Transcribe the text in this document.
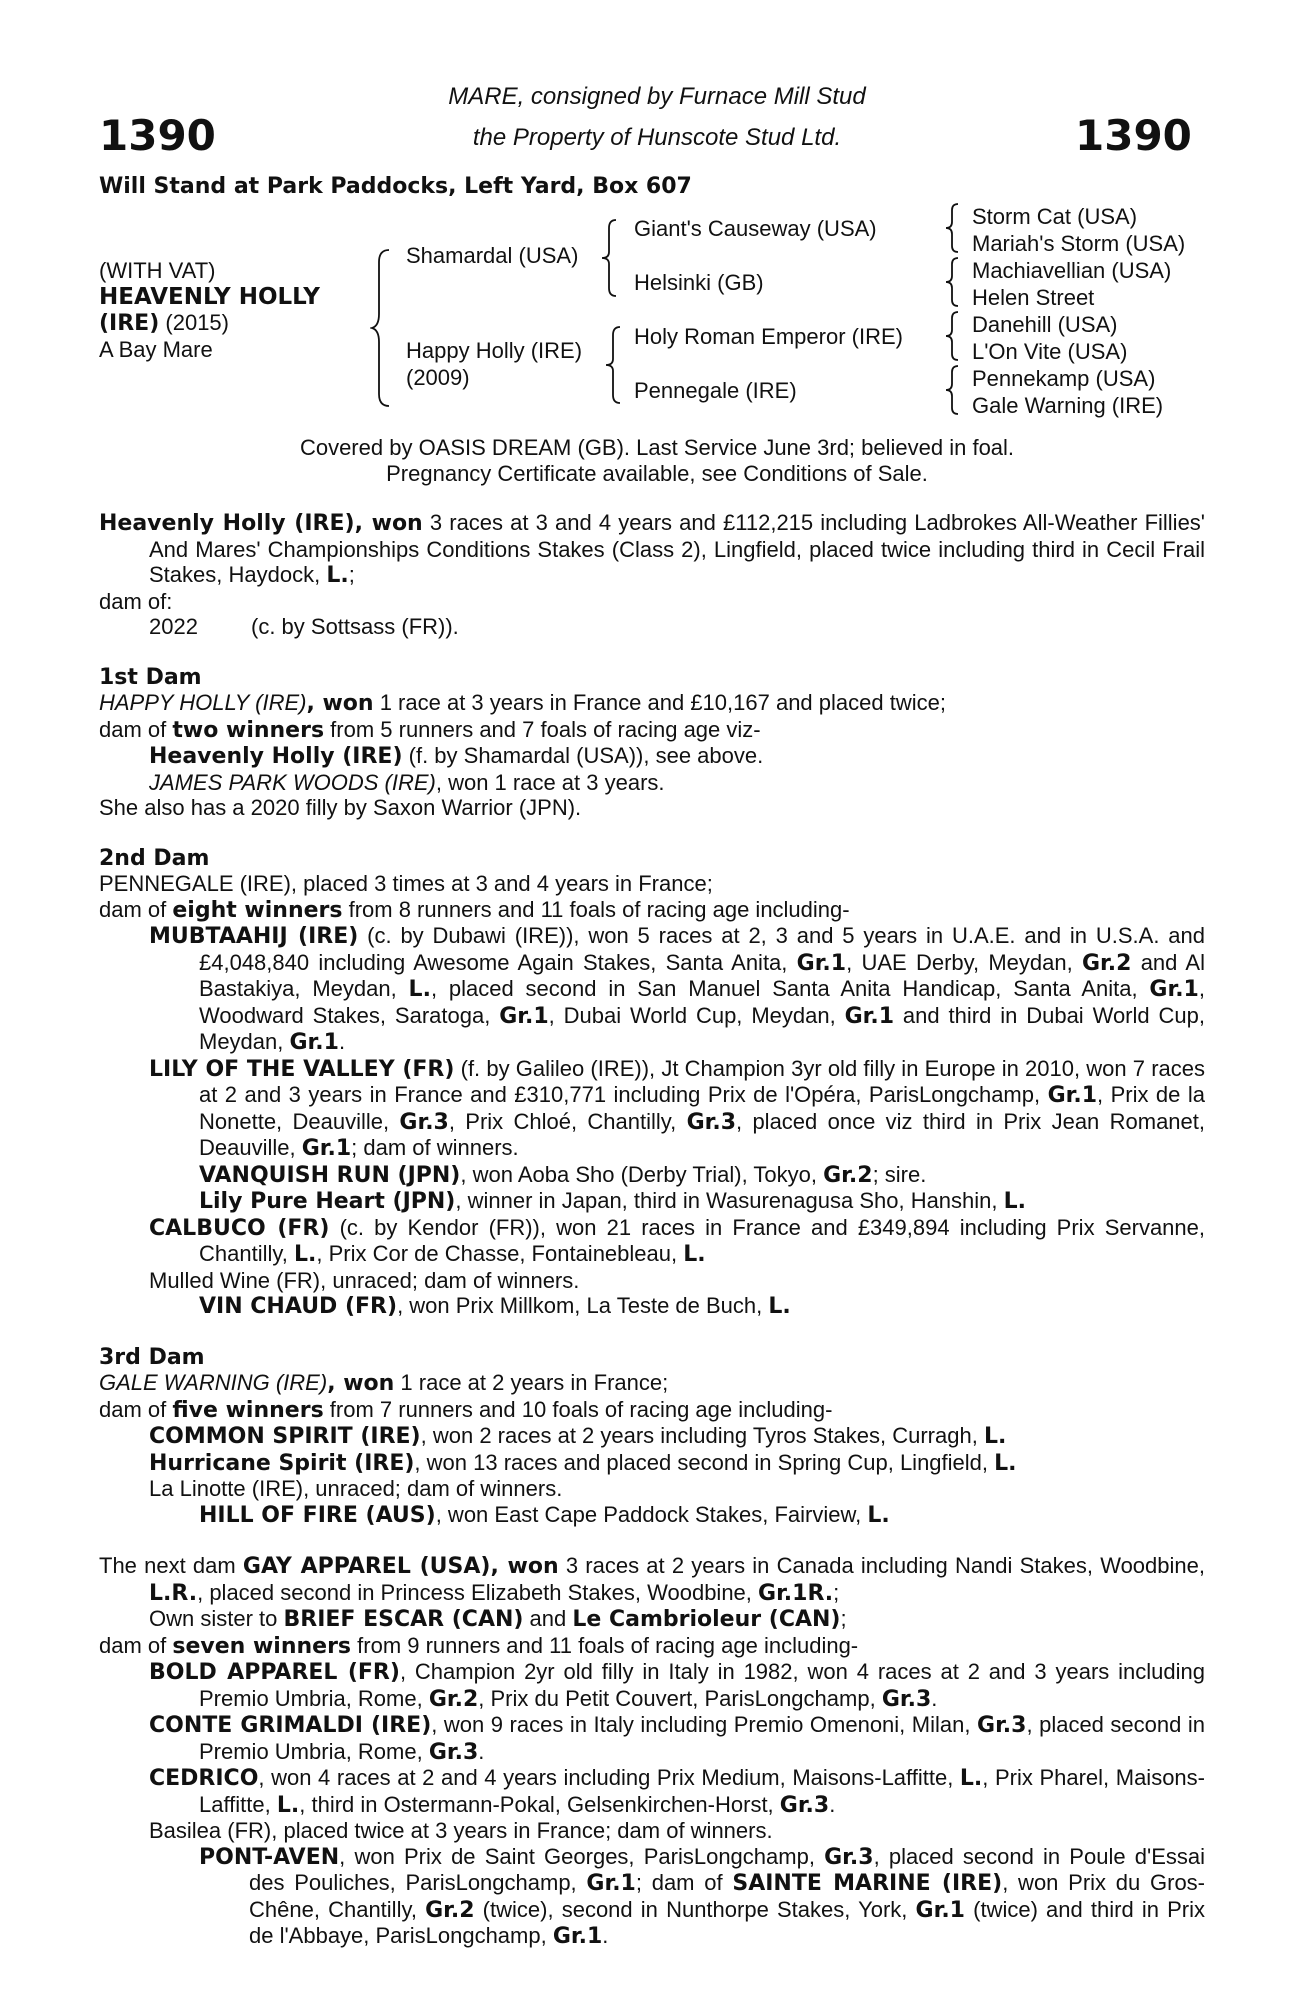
1390	1390
MARE, consigned by Furnace Mill Stud
the Property of Hunscote Stud Ltd.
Will Stand at Park Paddocks, Left Yard, Box 607
(WITH VAT)
HEAVENLY HOLLY
(IRE) (2015)
A Bay Mare
Shamardal (USA)
Happy Holly (IRE)
(2009)
Giant's Causeway (USA)
Helsinki (GB)
Holy Roman Emperor (IRE)
Pennegale (IRE)
Storm Cat (USA)
Mariah's Storm (USA)
Machiavellian (USA)
Helen Street
Danehill (USA)
L'On Vite (USA)
Pennekamp (USA)
Gale Warning (IRE)
Covered by OASIS DREAM (GB). Last Service June 3rd; believed in foal.
Pregnancy Certificate available, see Conditions of Sale.
Heavenly Holly (IRE), won 3 races at 3 and 4 years and £112,215 including Ladbrokes All-Weather Fillies' And Mares' Championships Conditions Stakes (Class 2), Lingfield, placed twice including third in Cecil Frail Stakes, Haydock, L.;
dam of:
2022 (c. by Sottsass (FR)).
1st Dam
HAPPY HOLLY (IRE), won 1 race at 3 years in France and £10,167 and placed twice;
dam of two winners from 5 runners and 7 foals of racing age viz-
Heavenly Holly (IRE) (f. by Shamardal (USA)), see above.
JAMES PARK WOODS (IRE), won 1 race at 3 years.
She also has a 2020 filly by Saxon Warrior (JPN).
2nd Dam
PENNEGALE (IRE), placed 3 times at 3 and 4 years in France;
dam of eight winners from 8 runners and 11 foals of racing age including-
MUBTAAHIJ (IRE) (c. by Dubawi (IRE)), won 5 races at 2, 3 and 5 years in U.A.E. and in U.S.A. and £4,048,840 including Awesome Again Stakes, Santa Anita, Gr.1, UAE Derby, Meydan, Gr.2 and Al Bastakiya, Meydan, L., placed second in San Manuel Santa Anita Handicap, Santa Anita, Gr.1, Woodward Stakes, Saratoga, Gr.1, Dubai World Cup, Meydan, Gr.1 and third in Dubai World Cup, Meydan, Gr.1.
LILY OF THE VALLEY (FR) (f. by Galileo (IRE)), Jt Champion 3yr old filly in Europe in 2010, won 7 races at 2 and 3 years in France and £310,771 including Prix de l'Opéra, ParisLongchamp, Gr.1, Prix de la Nonette, Deauville, Gr.3, Prix Chloé, Chantilly, Gr.3, placed once viz third in Prix Jean Romanet, Deauville, Gr.1; dam of winners.
VANQUISH RUN (JPN), won Aoba Sho (Derby Trial), Tokyo, Gr.2; sire.
Lily Pure Heart (JPN), winner in Japan, third in Wasurenagusa Sho, Hanshin, L.
CALBUCO (FR) (c. by Kendor (FR)), won 21 races in France and £349,894 including Prix Servanne, Chantilly, L., Prix Cor de Chasse, Fontainebleau, L.
Mulled Wine (FR), unraced; dam of winners.
VIN CHAUD (FR), won Prix Millkom, La Teste de Buch, L.
3rd Dam
GALE WARNING (IRE), won 1 race at 2 years in France;
dam of five winners from 7 runners and 10 foals of racing age including-
COMMON SPIRIT (IRE), won 2 races at 2 years including Tyros Stakes, Curragh, L.
Hurricane Spirit (IRE), won 13 races and placed second in Spring Cup, Lingfield, L.
La Linotte (IRE), unraced; dam of winners.
HILL OF FIRE (AUS), won East Cape Paddock Stakes, Fairview, L.
The next dam GAY APPAREL (USA), won 3 races at 2 years in Canada including Nandi Stakes, Woodbine, L.R., placed second in Princess Elizabeth Stakes, Woodbine, Gr.1R.;
Own sister to BRIEF ESCAR (CAN) and Le Cambrioleur (CAN);
dam of seven winners from 9 runners and 11 foals of racing age including-
BOLD APPAREL (FR), Champion 2yr old filly in Italy in 1982, won 4 races at 2 and 3 years including Premio Umbria, Rome, Gr.2, Prix du Petit Couvert, ParisLongchamp, Gr.3.
CONTE GRIMALDI (IRE), won 9 races in Italy including Premio Omenoni, Milan, Gr.3, placed second in Premio Umbria, Rome, Gr.3.
CEDRICO, won 4 races at 2 and 4 years including Prix Medium, Maisons-Laffitte, L., Prix Pharel, Maisons-Laffitte, L., third in Ostermann-Pokal, Gelsenkirchen-Horst, Gr.3.
Basilea (FR), placed twice at 3 years in France; dam of winners.
PONT-AVEN, won Prix de Saint Georges, ParisLongchamp, Gr.3, placed second in Poule d'Essai des Pouliches, ParisLongchamp, Gr.1; dam of SAINTE MARINE (IRE), won Prix du Gros-Chêne, Chantilly, Gr.2 (twice), second in Nunthorpe Stakes, York, Gr.1 (twice) and third in Prix de l'Abbaye, ParisLongchamp, Gr.1.
